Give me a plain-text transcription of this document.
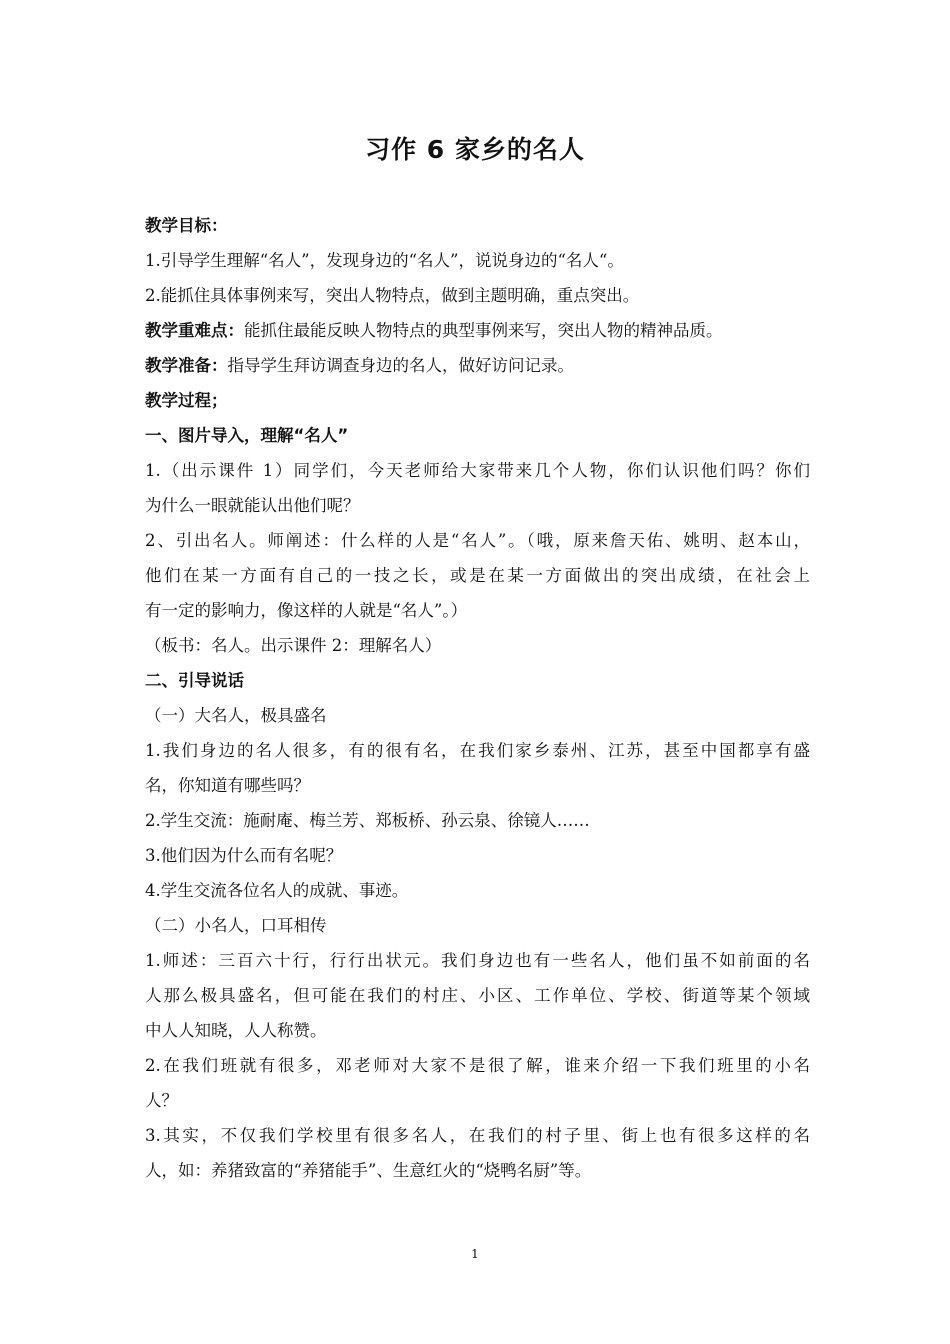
习作 6 家乡的名人
教学目标：
1.引导学生理解“名人”，发现身边的“名人”，说说身边的“名人“。
2.能抓住具体事例来写，突出人物特点，做到主题明确，重点突出。
教学重难点：能抓住最能反映人物特点的典型事例来写，突出人物的精神品质。
教学准备：指导学生拜访调查身边的名人，做好访问记录。
教学过程；
一、图片导入，理解“名人”
1.（出示课件 1）同学们，今天老师给大家带来几个人物，你们认识他们吗？你们
为什么一眼就能认出他们呢？
2、引出名人。师阐述：什么样的人是“名人”。（哦，原来詹天佑、姚明、赵本山，
他们在某一方面有自己的一技之长，或是在某一方面做出的突出成绩，在社会上
有一定的影响力，像这样的人就是“名人”。）
（板书：名人。出示课件 2：理解名人）
二、引导说话
（一）大名人，极具盛名
1.我们身边的名人很多，有的很有名，在我们家乡泰州、江苏，甚至中国都享有盛
名，你知道有哪些吗？
2.学生交流：施耐庵、梅兰芳、郑板桥、孙云泉、徐镜人……
3.他们因为什么而有名呢？
4.学生交流各位名人的成就、事迹。
（二）小名人，口耳相传
1.师述：三百六十行，行行出状元。我们身边也有一些名人，他们虽不如前面的名
人那么极具盛名，但可能在我们的村庄、小区、工作单位、学校、街道等某个领域
中人人知晓，人人称赞。
2.在我们班就有很多，邓老师对大家不是很了解，谁来介绍一下我们班里的小名
人？
3.其实，不仅我们学校里有很多名人，在我们的村子里、街上也有很多这样的名
人，如：养猪致富的“养猪能手”、生意红火的“烧鸭名厨”等。
1
